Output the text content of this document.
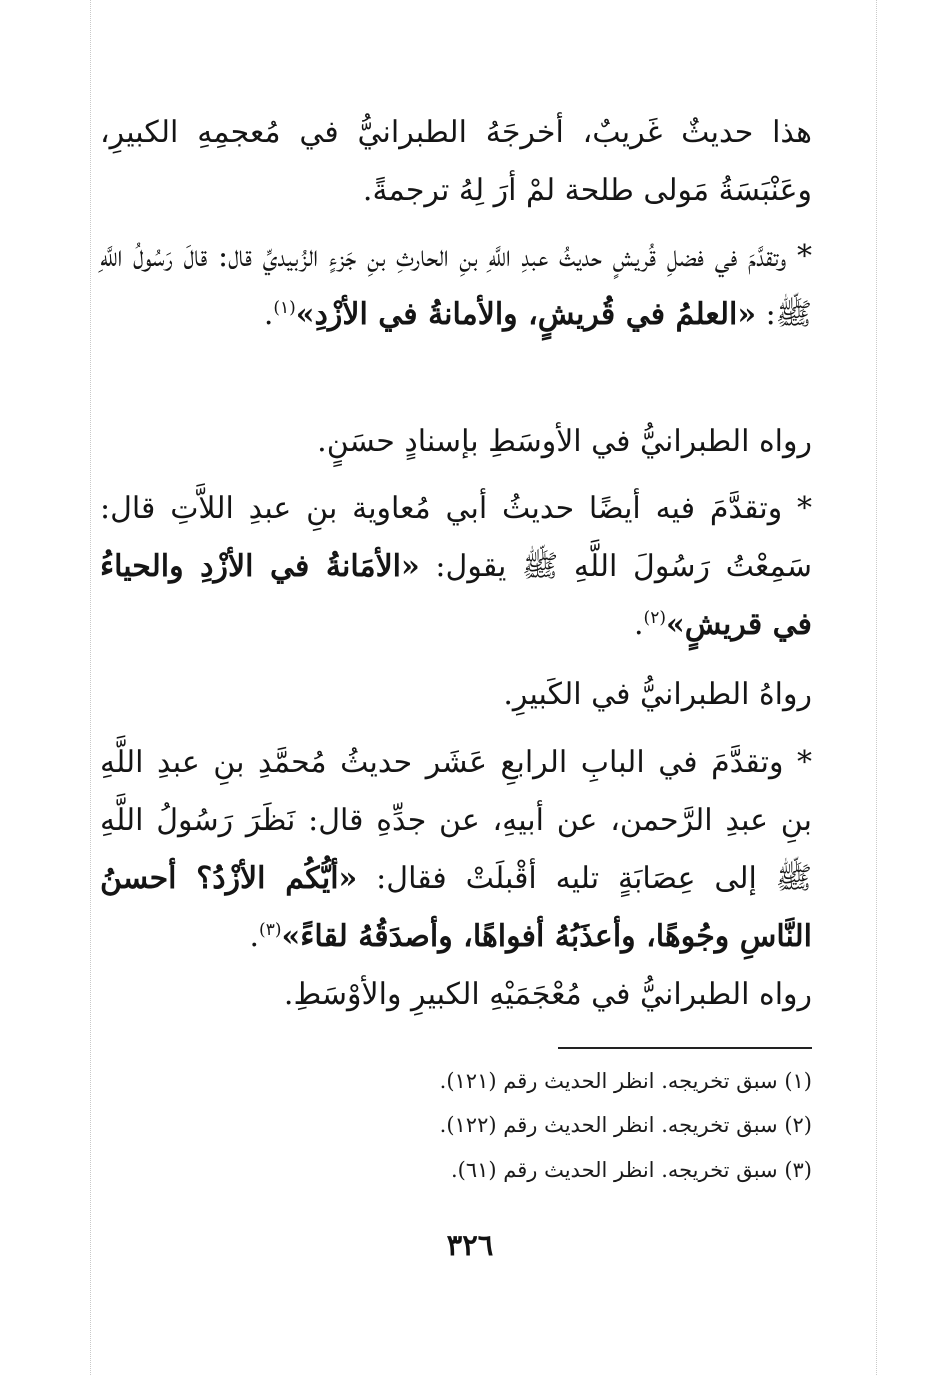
هذا حديثٌ غَريبٌ، أخرجَهُ الطبرانيُّ في مُعجمِهِ الكبيرِ، وعَنْبَسَةُ مَولى طلحة لمْ أرَ لِهُ ترجمةً.
* وتقدَّمَ في فضلِ قُريشٍ حديثُ عبدِ اللَّهِ بنِ الحارثِ بنِ جَزءٍ الزُبيديِّ قال: قالَ رَسُولُ اللَّهِ ﷺ: «العلمُ في قُريشٍ، والأمانةُ في الأزْدِ»$^{(١)}$.
رواه الطبرانيُّ في الأوسَطِ بإسنادٍ حسَنٍ.
* وتقدَّمَ فيه أيضًا حديثُ أبي مُعاوية بنِ عبدِ اللاَّتِ قال: سَمِعْتُ رَسُولَ اللَّهِ ﷺ يقول: «الأمَانةُ في الأزْدِ والحياءُ في قريشٍ»$^{(٢)}$.
رواهُ الطبرانيُّ في الكَبيرِ.
* وتقدَّمَ في البابِ الرابعِ عَشَر حديثُ مُحمَّدِ بنِ عبدِ اللَّهِ بنِ عبدِ الرَّحمن، عن أبيهِ، عن جدِّهِ قال: نَظَرَ رَسُولُ اللَّهِ ﷺ إلى عِصَابَةٍ تليه أقْبلَتْ فقال: «أيُّكُم الأزْدُ؟ أحسنُ النَّاسِ وجُوهًا، وأعذَبُهُ أفواهًا، وأصدَقُهُ لقاءً»$^{(٣)}$.
رواه الطبرانيُّ في مُعْجَمَيْهِ الكبيرِ والأوْسَطِ.
(١) سبق تخريجه. انظر الحديث رقم (١٢١).
(٢) سبق تخريجه. انظر الحديث رقم (١٢٢).
(٣) سبق تخريجه. انظر الحديث رقم (٦١).
٣٢٦
